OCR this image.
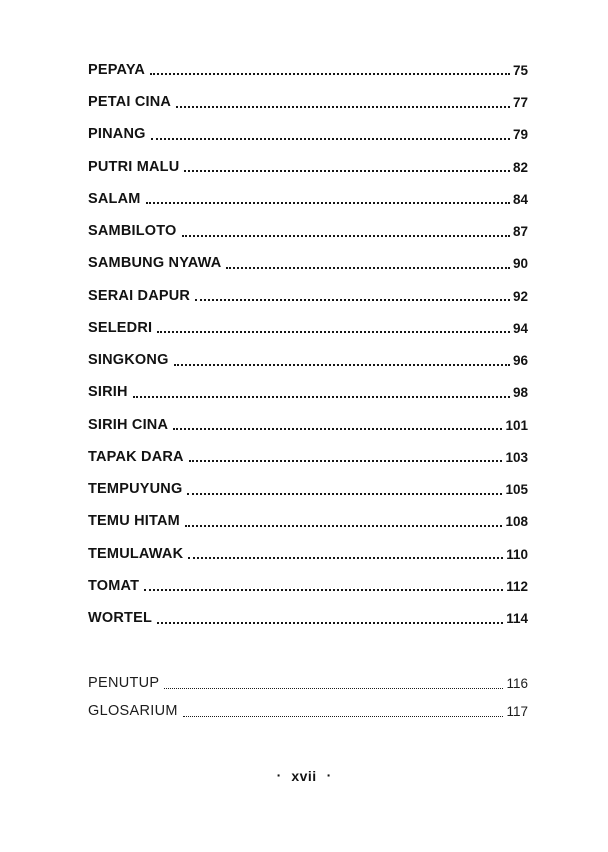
PEPAYA	75
PETAI CINA	77
PINANG	79
PUTRI MALU	82
SALAM	84
SAMBILOTO	87
SAMBUNG NYAWA	90
SERAI DAPUR	92
SELEDRI	94
SINGKONG	96
SIRIH	98
SIRIH CINA	101
TAPAK DARA	103
TEMPUYUNG	105
TEMU HITAM	108
TEMULAWAK	110
TOMAT	112
WORTEL	114
PENUTUP	116
GLOSARIUM	117
· xvii ·
